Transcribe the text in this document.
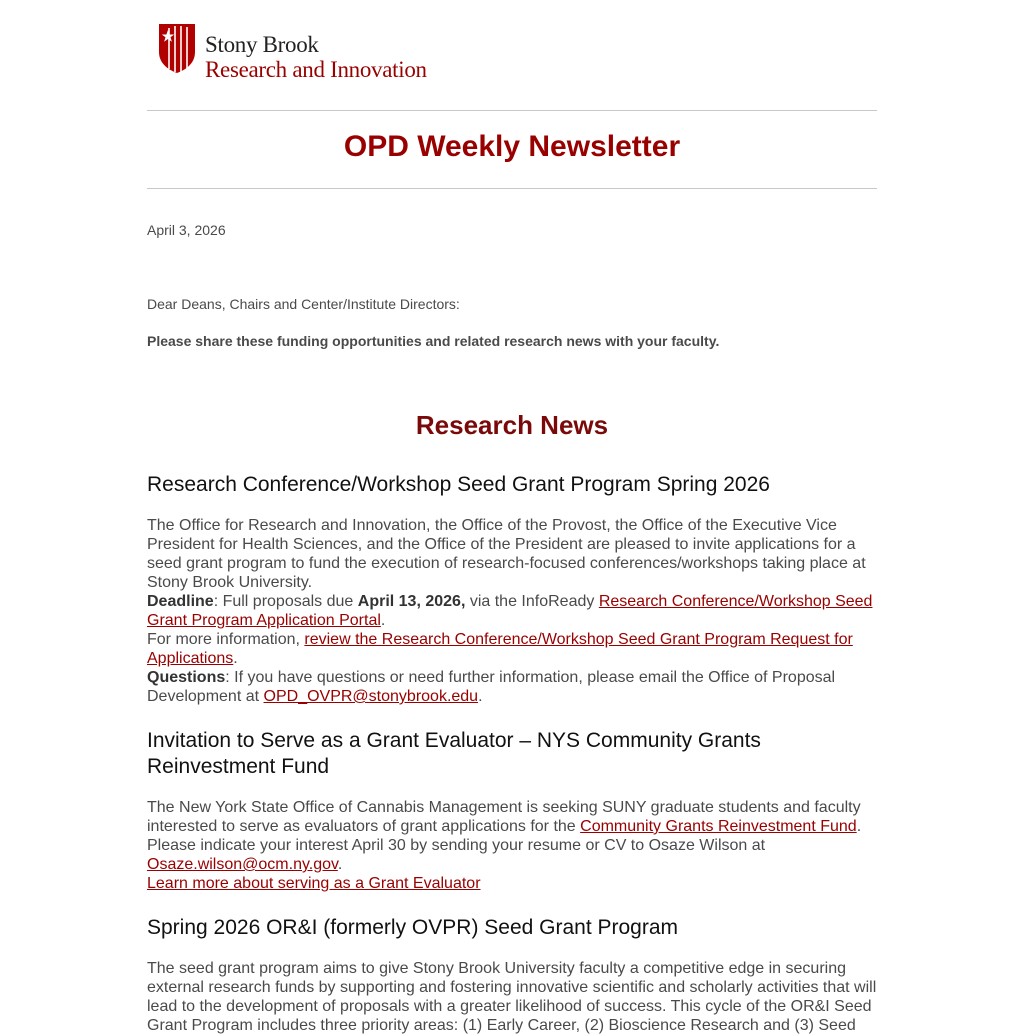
Stony Brook
Research and Innovation
OPD Weekly Newsletter
April 3, 2026
Dear Deans, Chairs and Center/Institute Directors:
Please share these funding opportunities and related research news with your faculty.
Research News
Research Conference/Workshop Seed Grant Program Spring 2026

The Office for Research and Innovation, the Office of the Provost, the Office of the Executive Vice President for Health Sciences, and the Office of the President are pleased to invite applications for a seed grant program to fund the execution of research-focused conferences/workshops taking place at Stony Brook University.
Deadline: Full proposals due April 13, 2026, via the InfoReady Research Conference/Workshop Seed Grant Program Application Portal.
For more information, review the Research Conference/Workshop Seed Grant Program Request for Applications.
Questions: If you have questions or need further information, please email the Office of Proposal Development at OPD_OVPR@stonybrook.edu.

Invitation to Serve as a Grant Evaluator – NYS Community Grants Reinvestment Fund

The New York State Office of Cannabis Management is seeking SUNY graduate students and faculty interested to serve as evaluators of grant applications for the Community Grants Reinvestment Fund. Please indicate your interest April 30 by sending your resume or CV to Osaze Wilson at Osaze.wilson@ocm.ny.gov.
Learn more about serving as a Grant Evaluator

Spring 2026 OR&I (formerly OVPR) Seed Grant Program

The seed grant program aims to give Stony Brook University faculty a competitive edge in securing external research funds by supporting and fostering innovative scientific and scholarly activities that will lead to the development of proposals with a greater likelihood of success. This cycle of the OR&I Seed Grant Program includes three priority areas: (1) Early Career, (2) Bioscience Research and (3) Seed
